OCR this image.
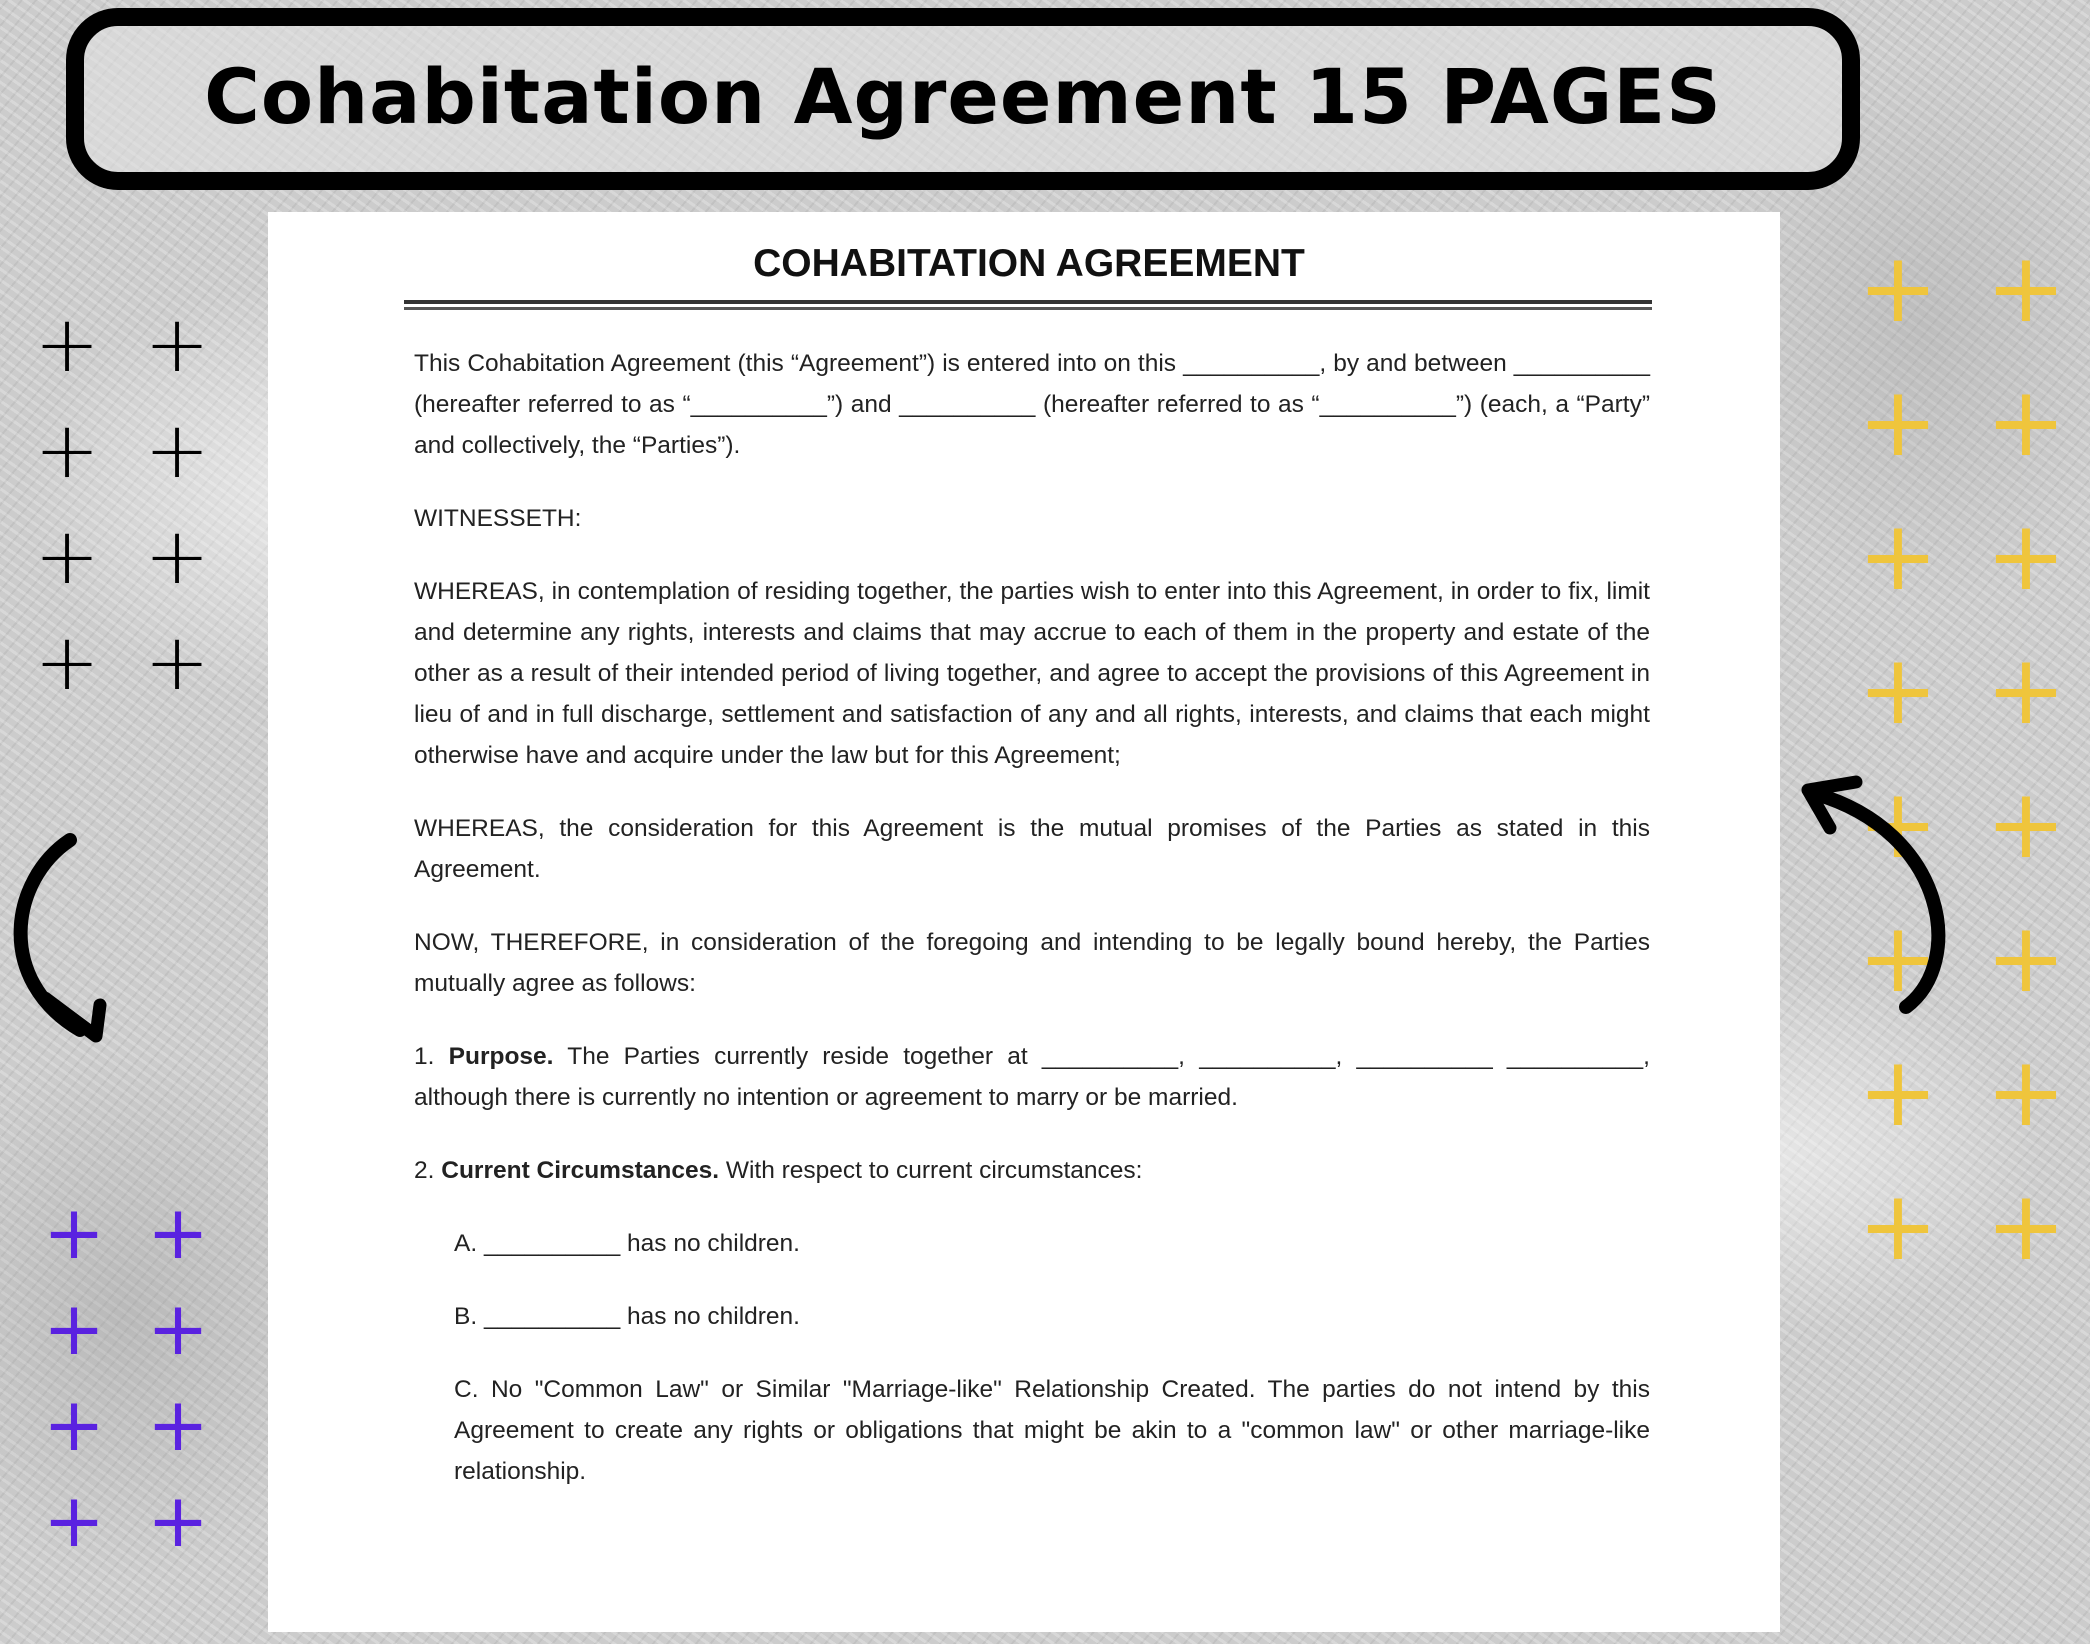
Cohabitation Agreement 15 PAGES
COHABITATION AGREEMENT

This Cohabitation Agreement (this “Agreement”) is entered into on this __________, by and between __________ (hereafter referred to as “__________”) and __________ (hereafter referred to as “__________”) (each, a “Party” and collectively, the “Parties”).

WITNESSETH:

WHEREAS, in contemplation of residing together, the parties wish to enter into this Agreement, in order to fix, limit and determine any rights, interests and claims that may accrue to each of them in the property and estate of the other as a result of their intended period of living together, and agree to accept the provisions of this Agreement in lieu of and in full discharge, settlement and satisfaction of any and all rights, interests, and claims that each might otherwise have and acquire under the law but for this Agreement;

WHEREAS, the consideration for this Agreement is the mutual promises of the Parties as stated in this Agreement.

NOW, THEREFORE, in consideration of the foregoing and intending to be legally bound hereby, the Parties mutually agree as follows:

1. Purpose. The Parties currently reside together at __________, __________, __________ __________, although there is currently no intention or agreement to marry or be married.

2. Current Circumstances. With respect to current circumstances:

A. __________ has no children.

B. __________ has no children.

C. No "Common Law" or Similar "Marriage-like" Relationship Created. The parties do not intend by this Agreement to create any rights or obligations that might be akin to a "common law" or other marriage-like relationship.

+ +
+ +
+ +
+ +
+ +
+ +
+ +
+ +
+ +
+ +
+ +
+ +
+ +
+ +
+ +
+ +
